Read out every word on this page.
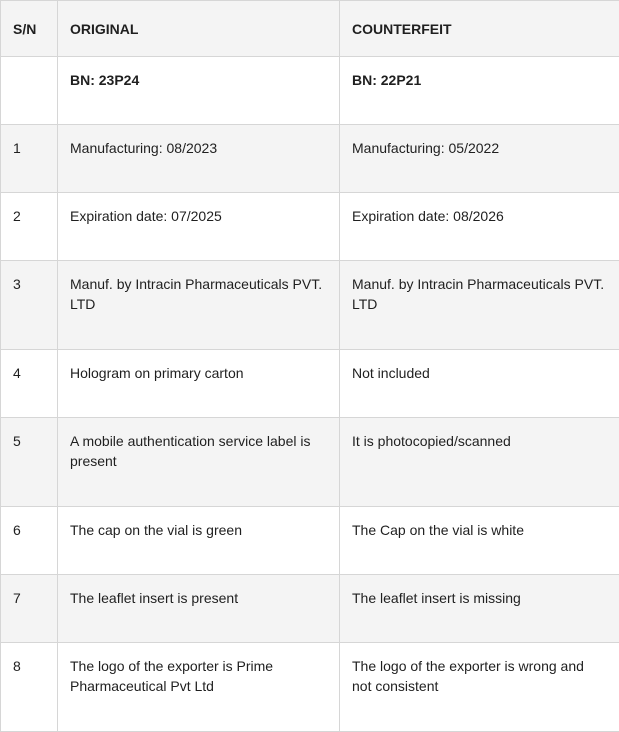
S/N	ORIGINAL	COUNTERFEIT
	BN: 23P24	BN: 22P21
1	Manufacturing: 08/2023	Manufacturing: 05/2022
2	Expiration date: 07/2025	Expiration date: 08/2026
3	Manuf. by Intracin Pharmaceuticals PVT. LTD	Manuf. by Intracin Pharmaceuticals PVT. LTD
4	Hologram on primary carton	Not included
5	A mobile authentication service label is present	It is photocopied/scanned
6	The cap on the vial is green	The Cap on the vial is white
7	The leaflet insert is present	The leaflet insert is missing
8	The logo of the exporter is Prime Pharmaceutical Pvt Ltd	The logo of the exporter is wrong and not consistent
